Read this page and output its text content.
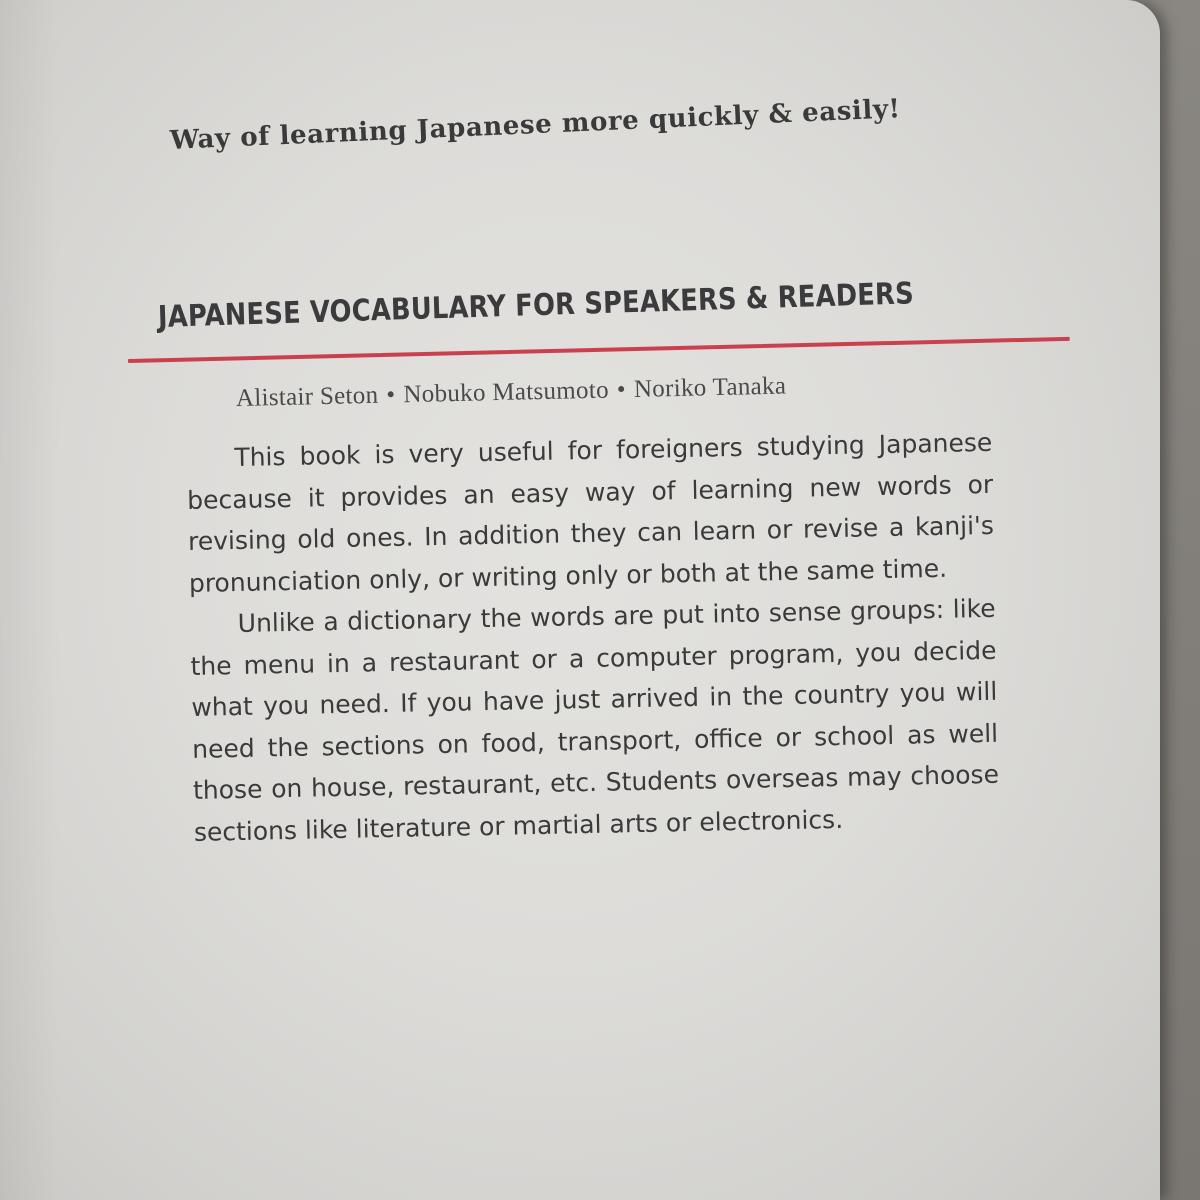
Way of learning Japanese more quickly & easily!
JAPANESE VOCABULARY FOR SPEAKERS & READERS
Alistair Seton • Nobuko Matsumoto • Noriko Tanaka

This book is very useful for foreigners studying Japanese because it provides an easy way of learning new words or revising old ones. In addition they can learn or revise a kanji's pronunciation only, or writing only or both at the same time.

Unlike a dictionary the words are put into sense groups: like the menu in a restaurant or a computer program, you decide what you need. If you have just arrived in the country you will need the sections on food, transport, office or school as well those on house, restaurant, etc. Students overseas may choose sections like literature or martial arts or electronics.
